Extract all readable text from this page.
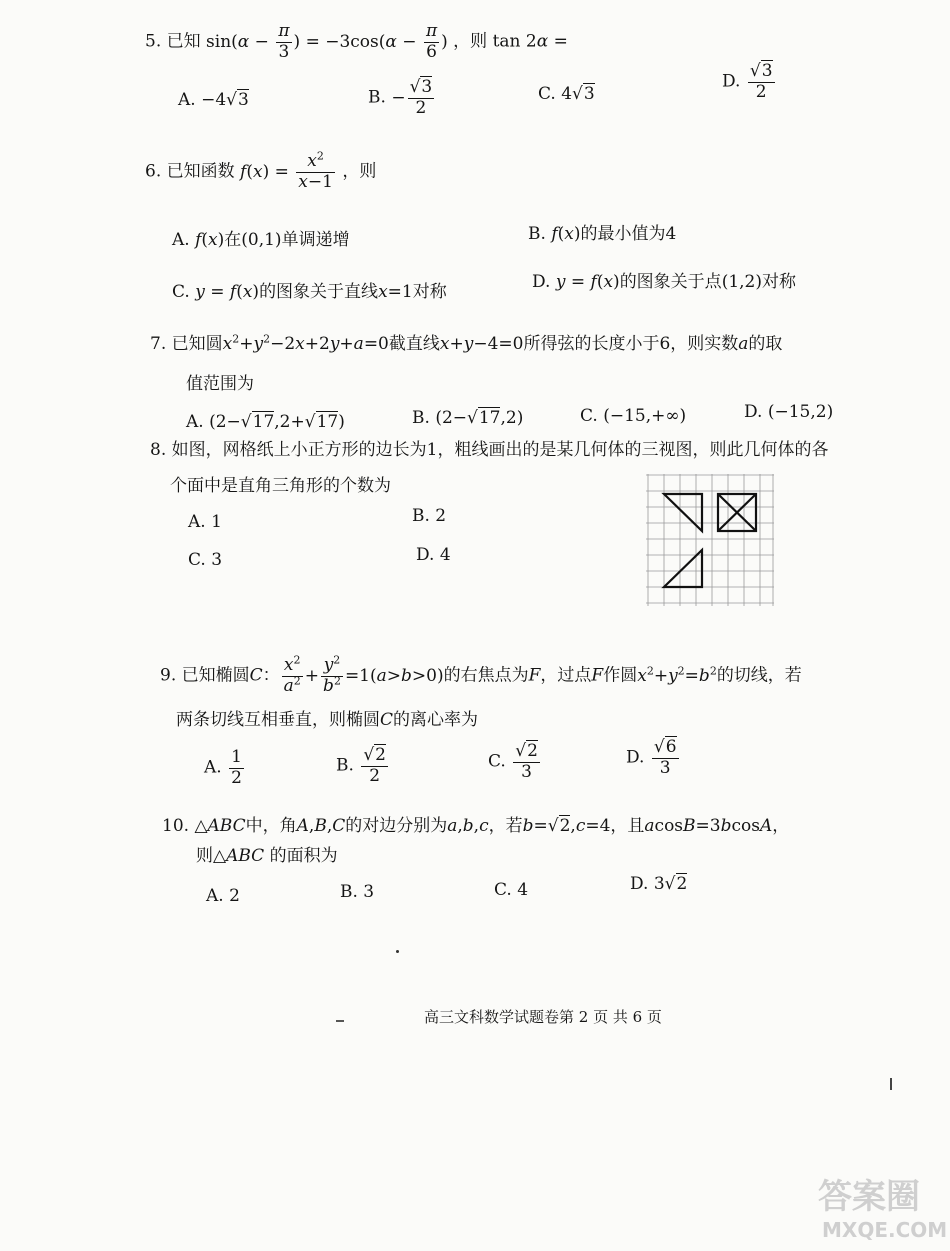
5. 已知 $\sin(\alpha - \frac{\pi}{3}$ ) = $-3\cos(\alpha - \frac{\pi}{6}$ ) ，则 tan 2α =
A. −4√3	B. − $\frac{√3}{2}$	C. 4√3
D. $\frac{√3}{2}$
6. 已知函数 $f(x) = \frac{x^2}{x-1}$ ，则
A. f(x)在(0,1)单调递增	B. f(x)的最小值为4
C. y = f(x)的图象关于直线x=1对称	D. y = f(x)的图象关于点(1,2)对称
7. 已知圆$x^2+y^2-2x+2y+a=0$截直线x+y−4=0所得弦的长度小于6，则实数a的取
值范围为
A. (2−√17,2+√17)	B. (2−√17,2)	C. (−15,+∞)	D. (−15,2)
8. 如图，网格纸上小正方形的边长为1，粗线画出的是某几何体的三视图，则此几何体的各
个面中是直角三角形的个数为
A. 1	B. 2
C. 3	D. 4
9. 已知椭圆C： $\frac{x^2}{a^2} + \frac{y^2}{b^2} =1(a>b>0)$的右焦点为F，过点F作圆$x^2+y^2=b^2$的切线，若
两条切线互相垂直，则椭圆C的离心率为
A. $\frac{1}{2}$	B. $\frac{√2}{2}$	C. $\frac{√2}{3}$	D. $\frac{√6}{3}$
10. △ABC中，角A,B,C的对边分别为a,b,c，若b=√2,c=4，且acosB=3bcosA，
则△ABC 的面积为
A. 2	B. 3	C. 4	D. 3√2
高三文科数学试题卷第 2 页 共 6 页
答案圈
MXQE.COM
